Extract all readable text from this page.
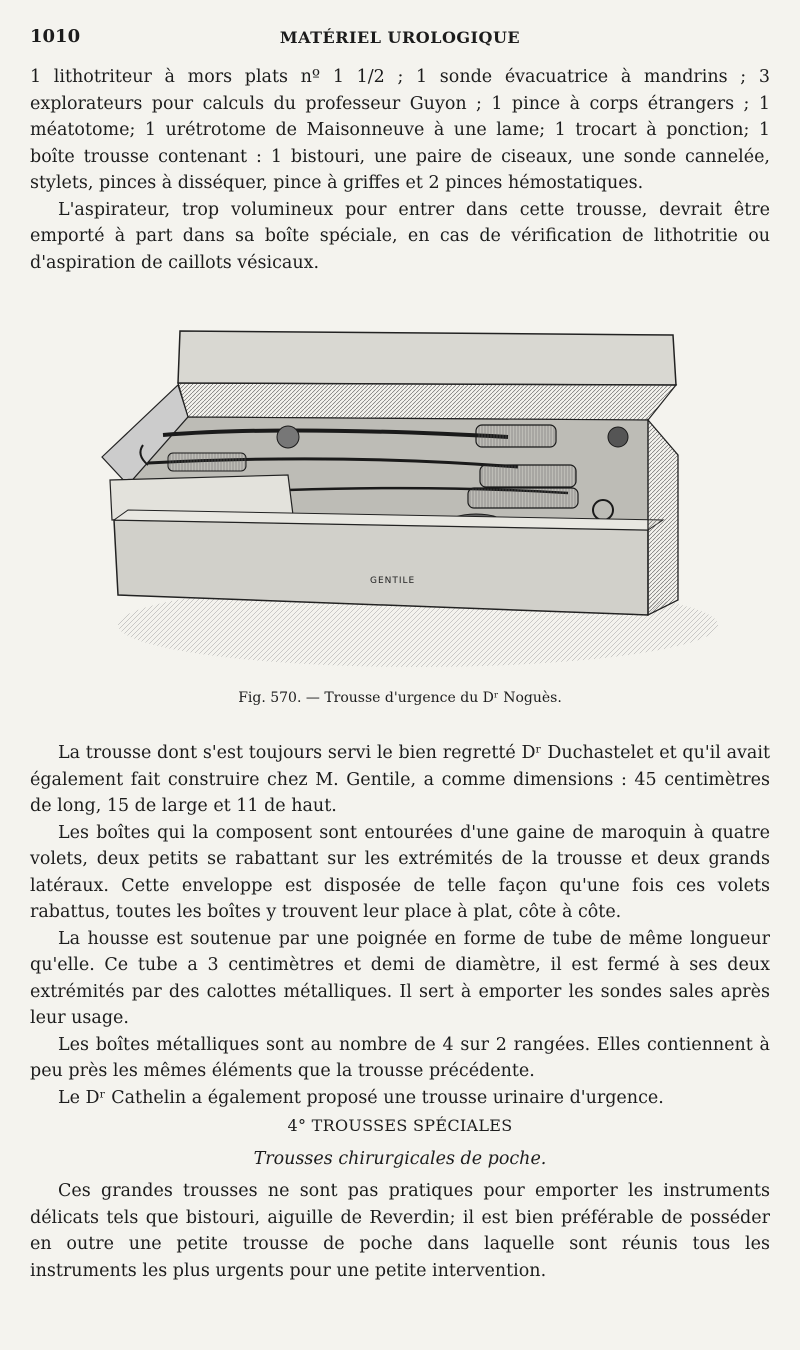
1010	MATÉRIEL UROLOGIQUE

1 lithotriteur à mors plats nº 1 1/2 ; 1 sonde évacuatrice à mandrins ; 3 explorateurs pour calculs du professeur Guyon ; 1 pince à corps étrangers ; 1 méatotome; 1 urétrotome de Maisonneuve à une lame; 1 trocart à ponction; 1 boîte trousse contenant : 1 bistouri, une paire de ciseaux, une sonde cannelée, stylets, pinces à disséquer, pince à griffes et 2 pinces hémostatiques.

L'aspirateur, trop volumineux pour entrer dans cette trousse, devrait être emporté à part dans sa boîte spéciale, en cas de vérification de lithotritie ou d'aspiration de caillots vésicaux.

GENTILE
Fig. 570. — Trousse d'urgence du Dʳ Noguès.

La trousse dont s'est toujours servi le bien regretté Dʳ Duchastelet et qu'il avait également fait construire chez M. Gentile, a comme dimensions : 45 centimètres de long, 15 de large et 11 de haut.

Les boîtes qui la composent sont entourées d'une gaine de maroquin à quatre volets, deux petits se rabattant sur les extrémités de la trousse et deux grands latéraux. Cette enveloppe est disposée de telle façon qu'une fois ces volets rabattus, toutes les boîtes y trouvent leur place à plat, côte à côte.

La housse est soutenue par une poignée en forme de tube de même longueur qu'elle. Ce tube a 3 centimètres et demi de diamètre, il est fermé à ses deux extrémités par des calottes métalliques. Il sert à emporter les sondes sales après leur usage.

Les boîtes métalliques sont au nombre de 4 sur 2 rangées. Elles contiennent à peu près les mêmes éléments que la trousse précédente.

Le Dʳ Cathelin a également proposé une trousse urinaire d'urgence.

4° TROUSSES SPÉCIALES

Trousses chirurgicales de poche.

Ces grandes trousses ne sont pas pratiques pour emporter les instruments délicats tels que bistouri, aiguille de Reverdin; il est bien préférable de posséder en outre une petite trousse de poche dans laquelle sont réunis tous les instruments les plus urgents pour une petite intervention.
